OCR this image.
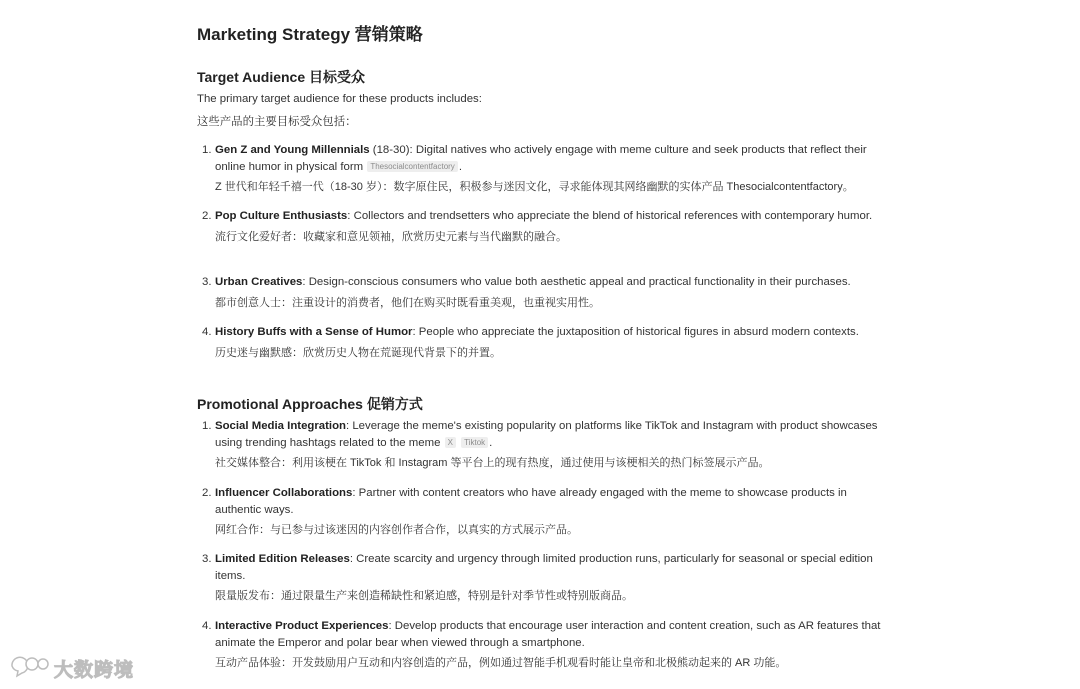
Marketing Strategy 营销策略
Target Audience 目标受众

The primary target audience for these products includes:

这些产品的主要目标受众包括：

1. Gen Z and Young Millennials (18-30): Digital natives who actively engage with meme culture and seek products that reflect their online humor in physical form Thesocialcontentfactory .

Z 世代和年轻千禧一代（18-30 岁）：数字原住民，积极参与迷因文化，寻求能体现其网络幽默的实体产品 Thesocialcontentfactory。

2. Pop Culture Enthusiasts: Collectors and trendsetters who appreciate the blend of historical references with contemporary humor.

流行文化爱好者：收藏家和意见领袖，欣赏历史元素与当代幽默的融合。

3. Urban Creatives: Design-conscious consumers who value both aesthetic appeal and practical functionality in their purchases.

都市创意人士：注重设计的消费者，他们在购买时既看重美观，也重视实用性。

4. History Buffs with a Sense of Humor: People who appreciate the juxtaposition of historical figures in absurd modern contexts.

历史迷与幽默感：欣赏历史人物在荒诞现代背景下的并置。

Promotional Approaches 促销方式
1. Social Media Integration: Leverage the meme's existing popularity on platforms like TikTok and Instagram with product showcases using trending hashtags related to the meme X Tiktok .

社交媒体整合：利用该梗在 TikTok 和 Instagram 等平台上的现有热度，通过使用与该梗相关的热门标签展示产品。

2. Influencer Collaborations: Partner with content creators who have already engaged with the meme to showcase products in authentic ways.

网红合作：与已参与过该迷因的内容创作者合作，以真实的方式展示产品。

3. Limited Edition Releases: Create scarcity and urgency through limited production runs, particularly for seasonal or special edition items.

限量版发布：通过限量生产来创造稀缺性和紧迫感，特别是针对季节性或特别版商品。

4. Interactive Product Experiences: Develop products that encourage user interaction and content creation, such as AR features that animate the Emperor and polar bear when viewed through a smartphone.

互动产品体验：开发鼓励用户互动和内容创造的产品，例如通过智能手机观看时能让皇帝和北极熊动起来的 AR 功能。

大数跨境
